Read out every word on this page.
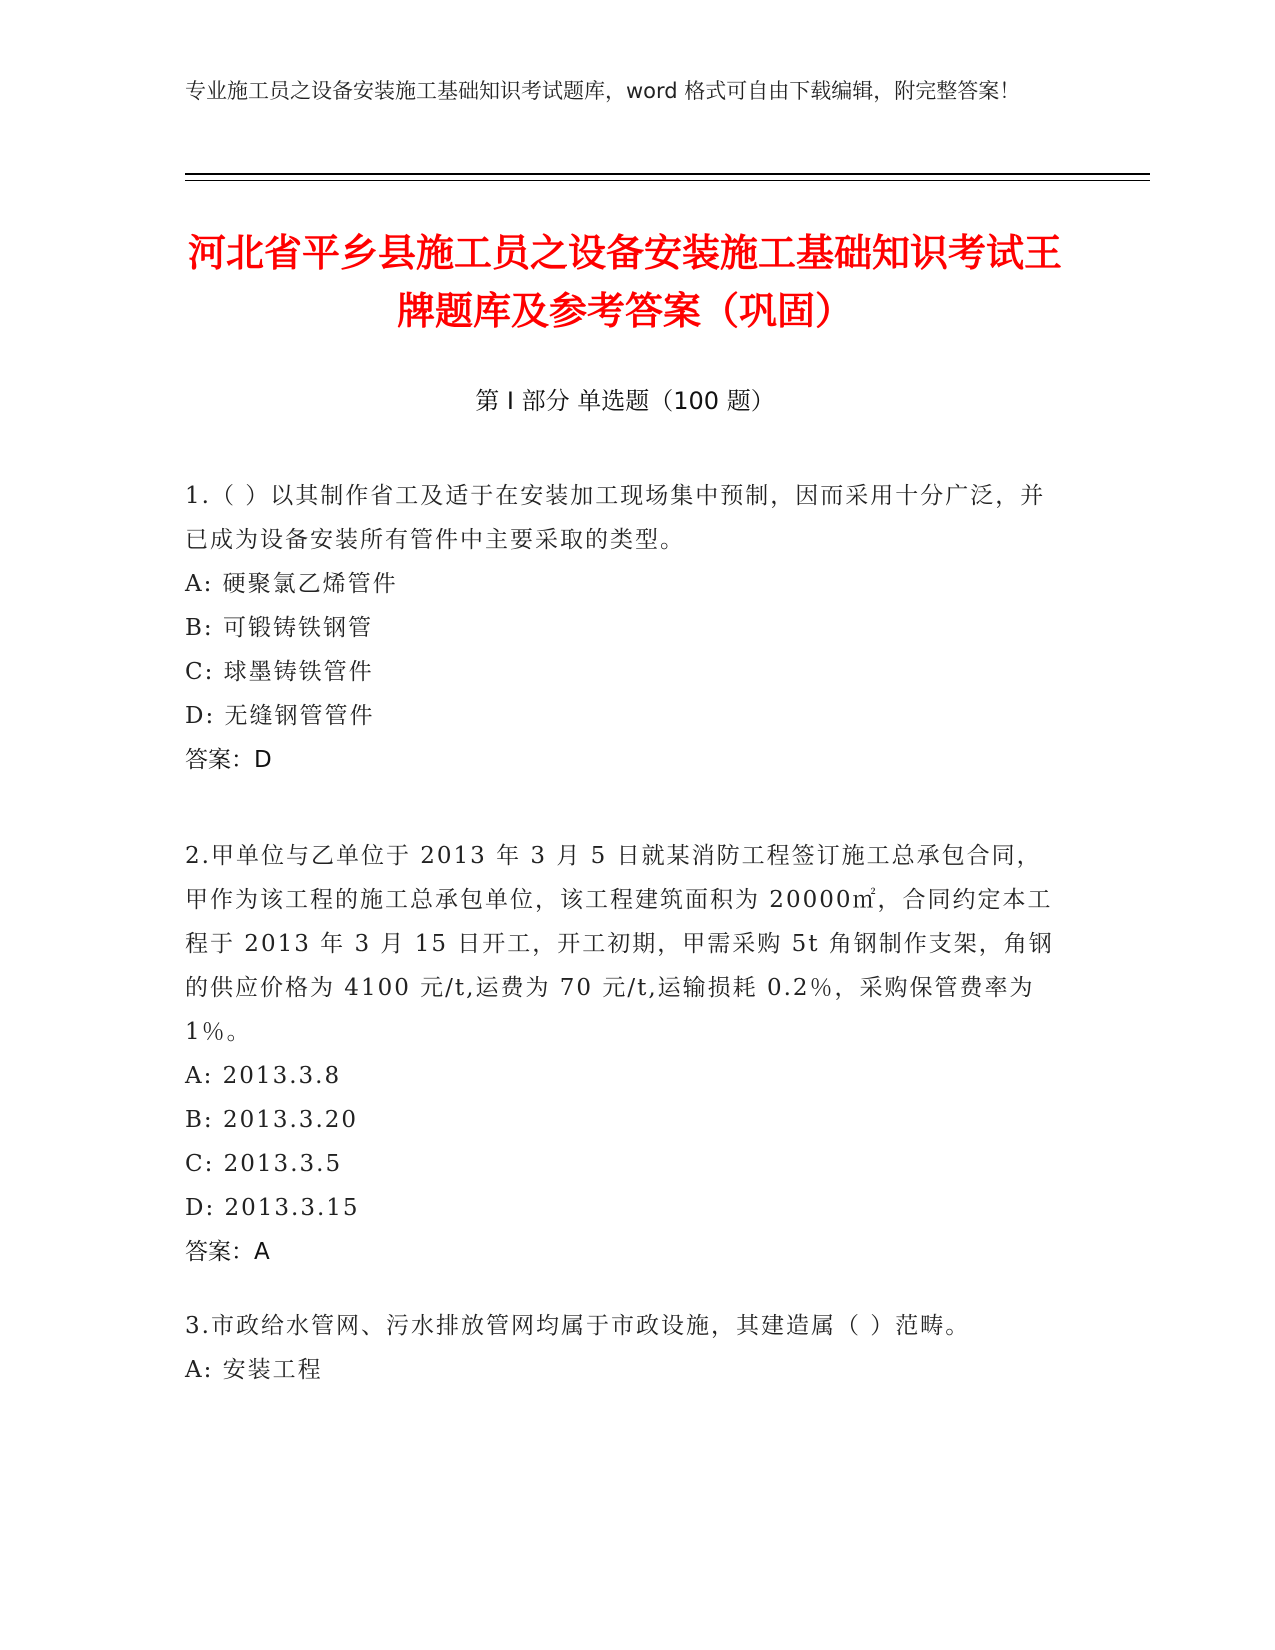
专业施工员之设备安装施工基础知识考试题库，word 格式可自由下载编辑，附完整答案！
河北省平乡县施工员之设备安装施工基础知识考试王牌题库及参考答案（巩固）
第 I 部分 单选题（100 题）
1.（ ）以其制作省工及适于在安装加工现场集中预制，因而采用十分广泛，并已成为设备安装所有管件中主要采取的类型。
A: 硬聚氯乙烯管件
B: 可锻铸铁钢管
C: 球墨铸铁管件
D: 无缝钢管管件
答案：D
2.甲单位与乙单位于 2013 年 3 月 5 日就某消防工程签订施工总承包合同，甲作为该工程的施工总承包单位，该工程建筑面积为 20000㎡，合同约定本工程于 2013 年 3 月 15 日开工，开工初期，甲需采购 5t 角钢制作支架，角钢的供应价格为 4100 元/t,运费为 70 元/t,运输损耗 0.2％，采购保管费率为 1％。
A: 2013.3.8
B: 2013.3.20
C: 2013.3.5
D: 2013.3.15
答案：A
3.市政给水管网、污水排放管网均属于市政设施，其建造属（ ）范畴。
A: 安装工程
